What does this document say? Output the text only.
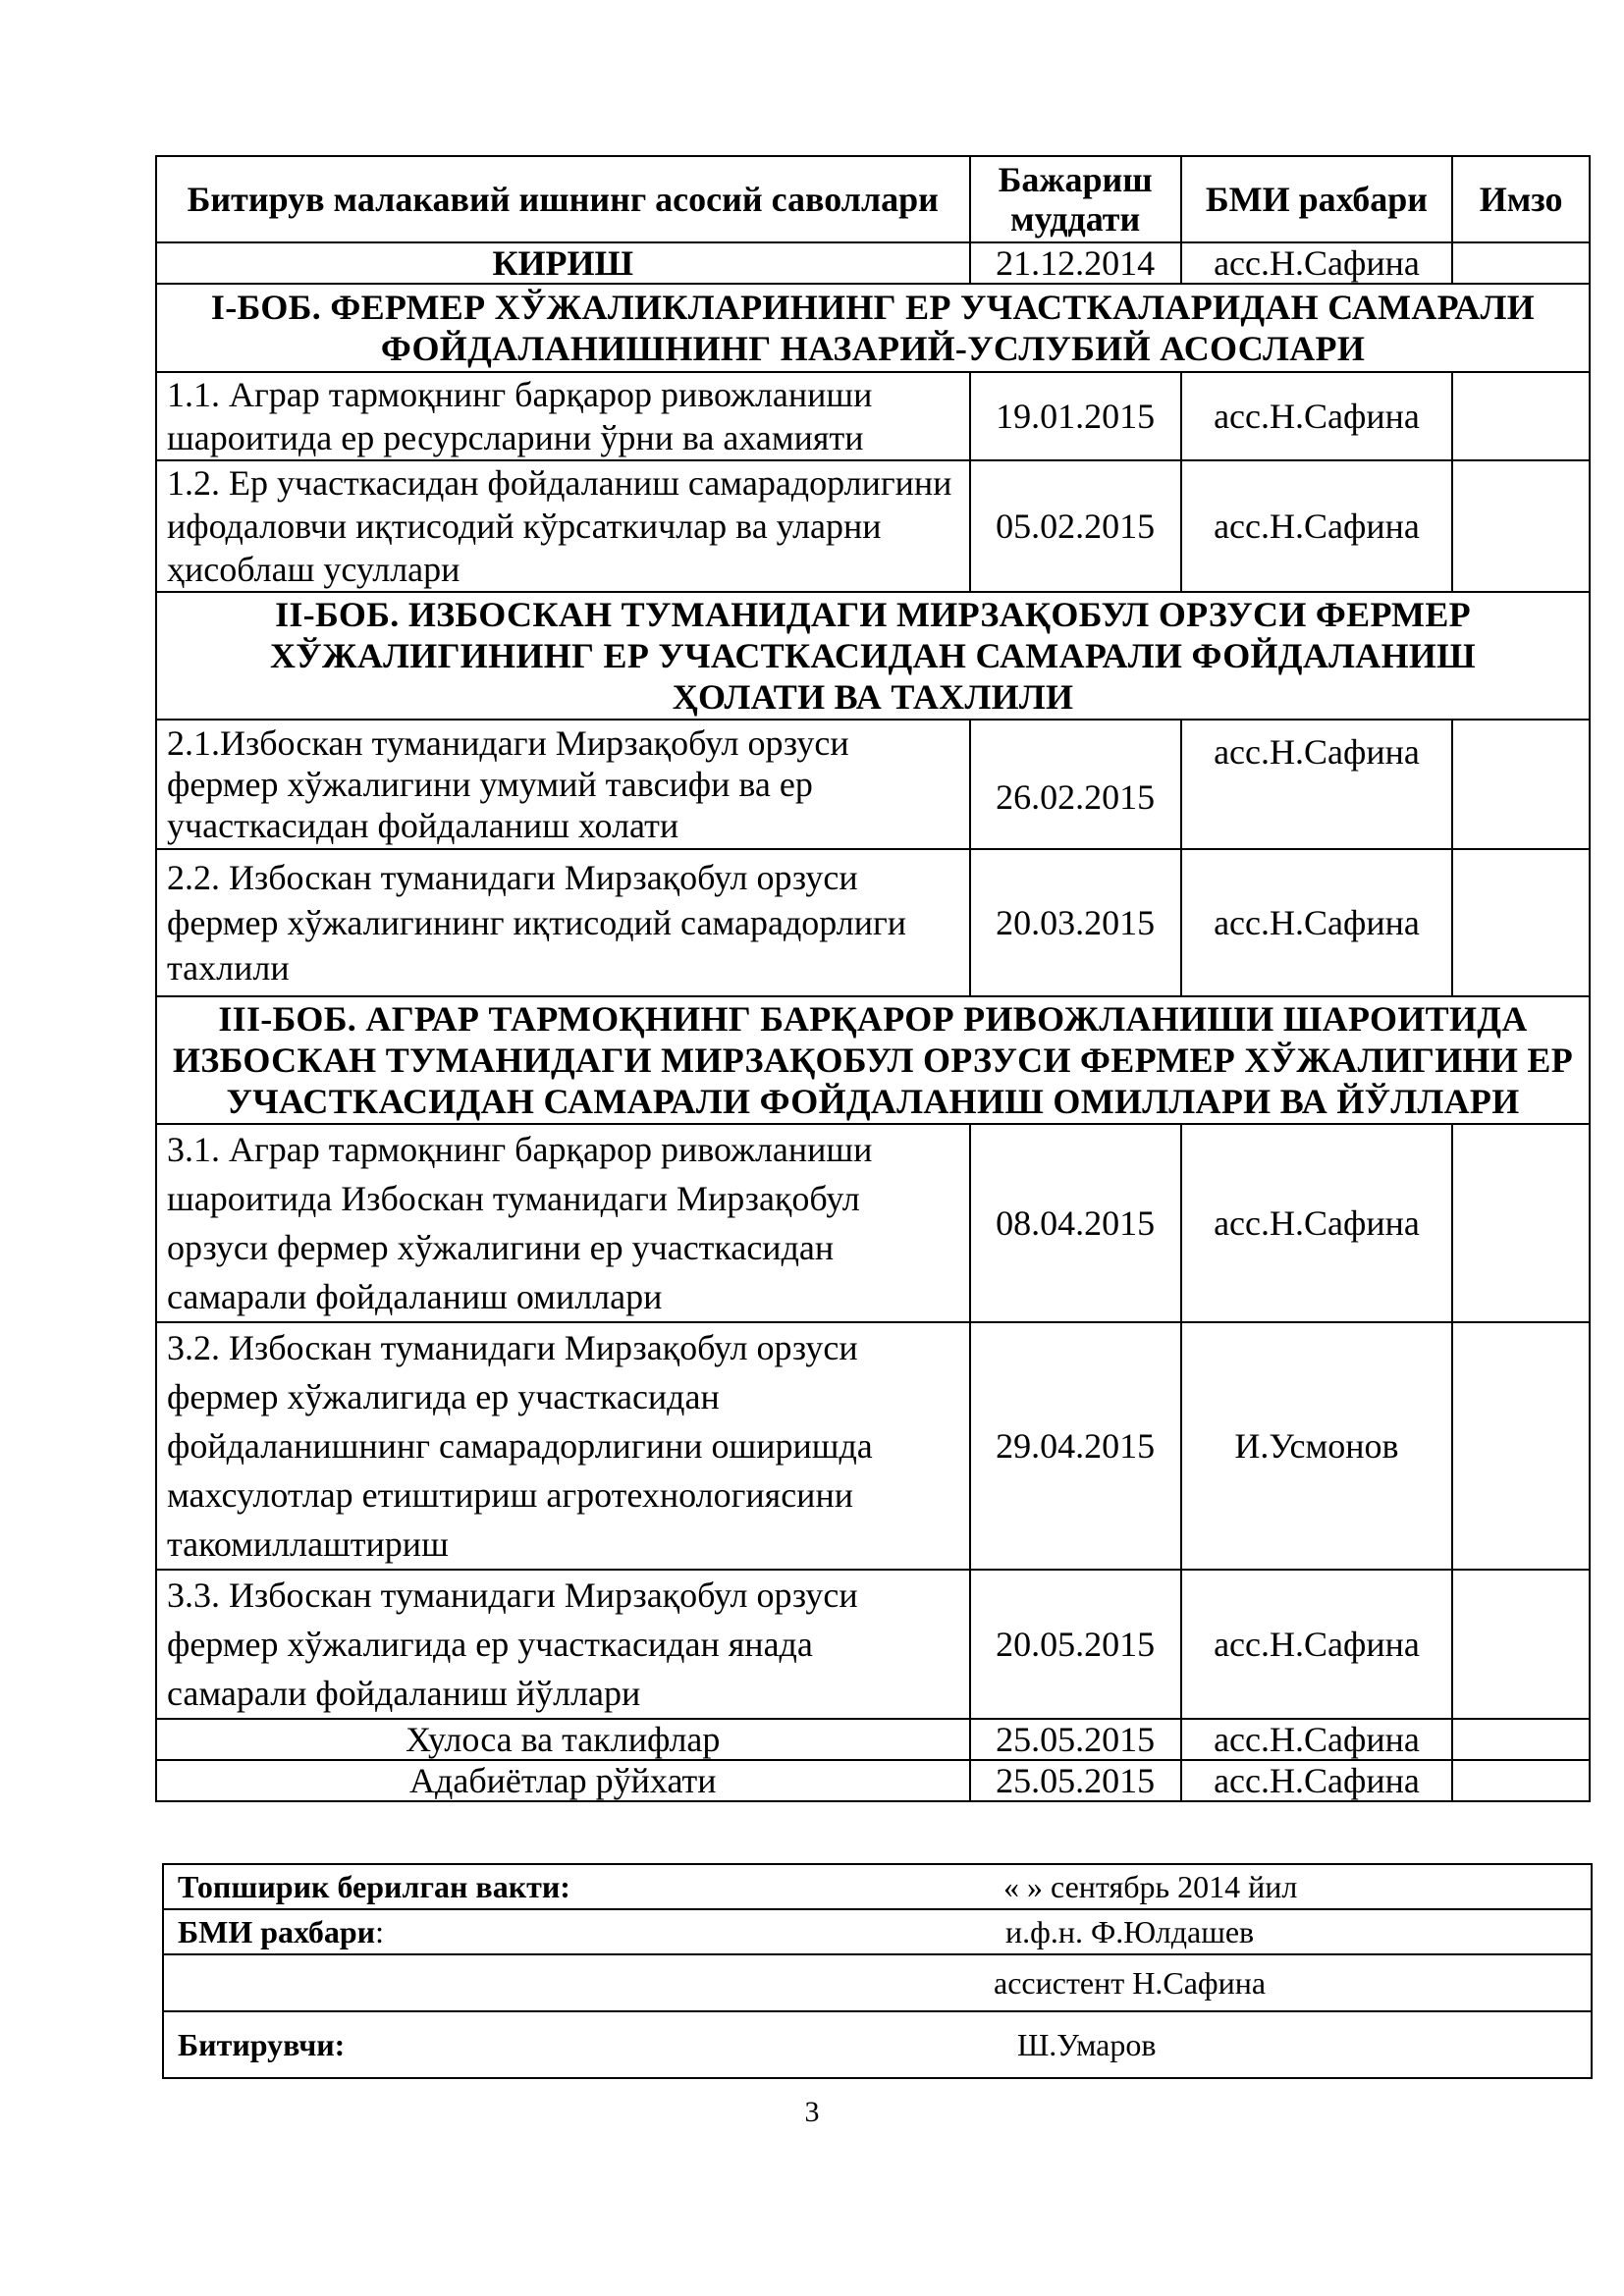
Битирув малакавий ишнинг асосий саволлари	Бажариш муддати	БМИ рахбари	Имзо
КИРИШ	21.12.2014	асс.Н.Сафина	
I-БОБ. ФЕРМЕР ХЎЖАЛИКЛАРИНИНГ ЕР УЧАСТКАЛАРИДАН САМАРАЛИ ФОЙДАЛАНИШНИНГ НАЗАРИЙ-УСЛУБИЙ АСОСЛАРИ			
1.1. Аграр тармоқнинг барқарор ривожланиши шароитида ер ресурсларини ўрни ва ахамияти	19.01.2015	асс.Н.Сафина	
1.2. Ер участкасидан фойдаланиш самарадорлигини ифодаловчи иқтисодий кўрсаткичлар ва уларни ҳисоблаш усуллари	05.02.2015	асс.Н.Сафина	
II-БОБ. ИЗБОСКАН ТУМАНИДАГИ МИРЗАҚОБУЛ ОРЗУСИ ФЕРМЕР ХЎЖАЛИГИНИНГ ЕР УЧАСТКАСИДАН САМАРАЛИ ФОЙДАЛАНИШ ҲОЛАТИ ВА ТАХЛИЛИ			
2.1.Избоскан туманидаги Мирзақобул орзуси фермер хўжалигини умумий тавсифи ва ер участкасидан фойдаланиш холати	26.02.2015	асс.Н.Сафина	
2.2. Избоскан туманидаги Мирзақобул орзуси фермер хўжалигининг иқтисодий самарадорлиги тахлили	20.03.2015	асс.Н.Сафина	
III-БОБ. АГРАР ТАРМОҚНИНГ БАРҚАРОР РИВОЖЛАНИШИ ШАРОИТИДА ИЗБОСКАН ТУМАНИДАГИ МИРЗАҚОБУЛ ОРЗУСИ ФЕРМЕР ХЎЖАЛИГИНИ ЕР УЧАСТКАСИДАН САМАРАЛИ ФОЙДАЛАНИШ ОМИЛЛАРИ ВА ЙЎЛЛАРИ			
3.1. Аграр тармоқнинг барқарор ривожланиши шароитида Избоскан туманидаги Мирзақобул орзуси фермер хўжалигини ер участкасидан самарали фойдаланиш омиллари	08.04.2015	асс.Н.Сафина	
3.2. Избоскан туманидаги Мирзақобул орзуси фермер хўжалигида ер участкасидан фойдаланишнинг самарадорлигини оширишда махсулотлар етиштириш агротехнологиясини такомиллаштириш	29.04.2015	И.Усмонов	
3.3. Избоскан туманидаги Мирзақобул орзуси фермер хўжалигида ер участкасидан янада самарали фойдаланиш йўллари	20.05.2015	асс.Н.Сафина	
Хулоса ва таклифлар	25.05.2015	асс.Н.Сафина	
Адабиётлар рўйхати	25.05.2015	асс.Н.Сафина	
Топширик берилган вакти:	« » сентябрь 2014 йил
БМИ рахбари:	и.ф.н. Ф.Юлдашев
	ассистент Н.Сафина
Битирувчи:	Ш.Умаров
3
